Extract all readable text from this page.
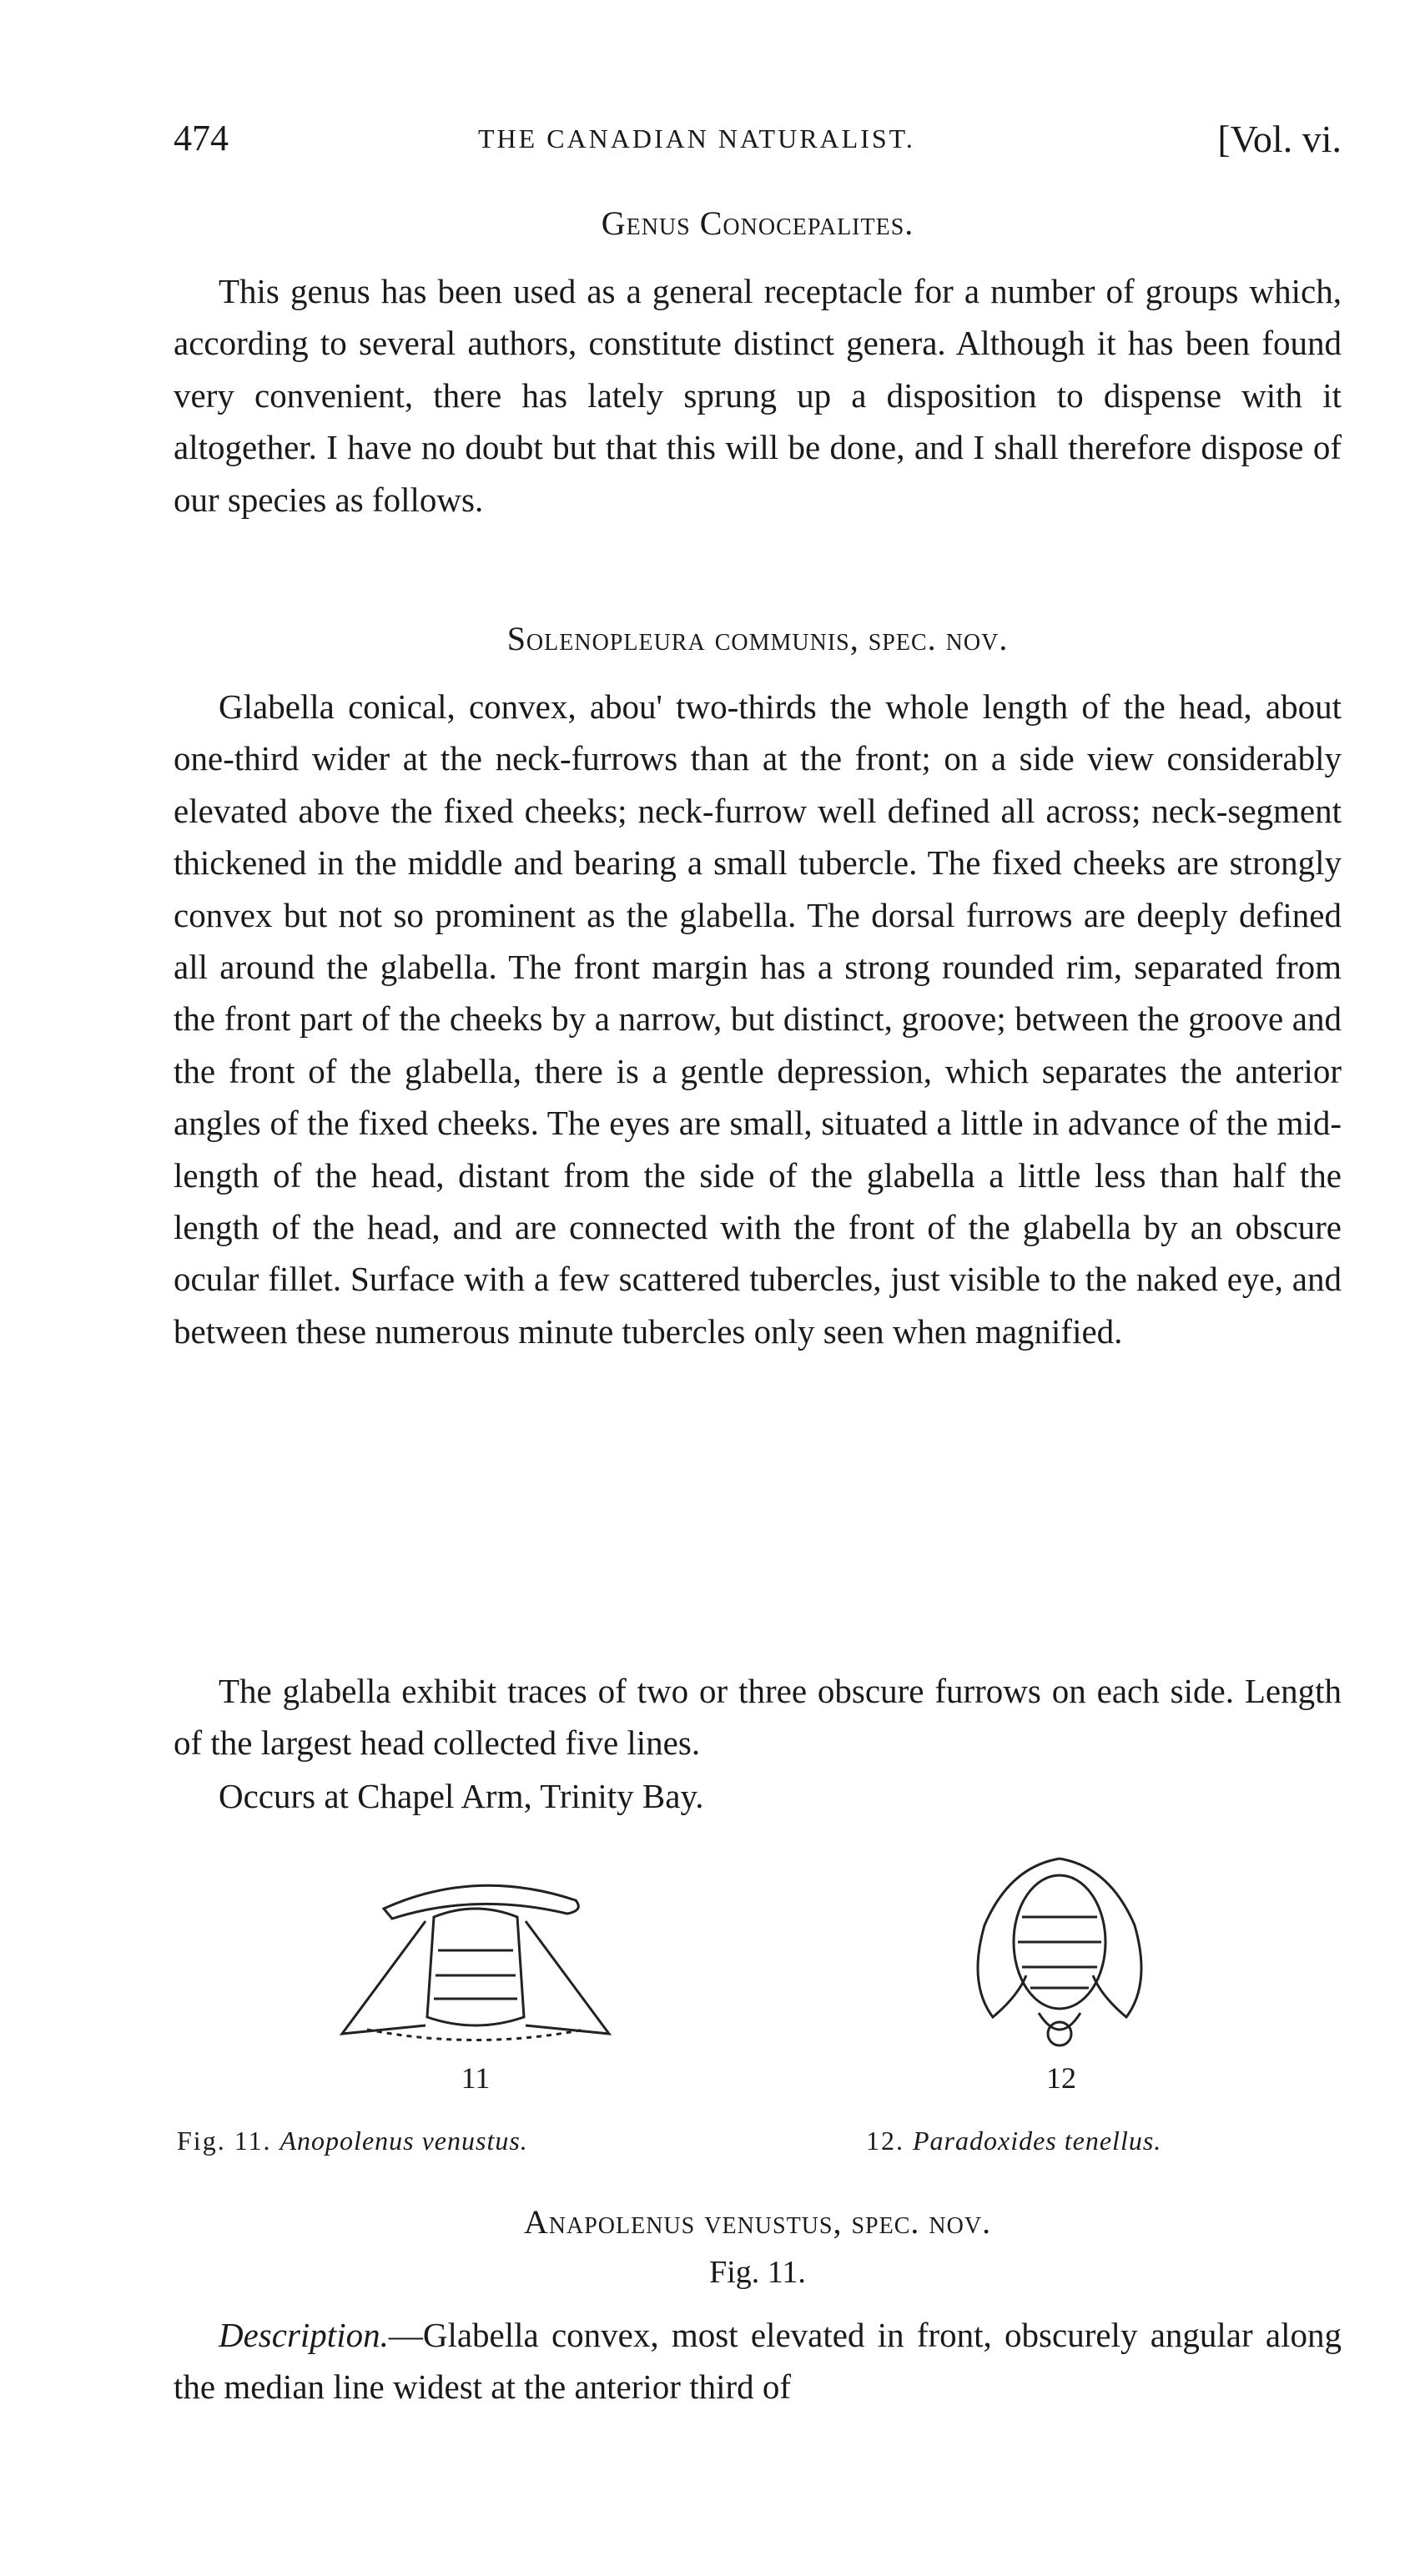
474	THE CANADIAN NATURALIST.	[Vol. vi.
Genus Conocepalites.

This genus has been used as a general receptacle for a number of groups which, according to several authors, constitute distinct genera. Although it has been found very convenient, there has lately sprung up a disposition to dispense with it altogether. I have no doubt but that this will be done, and I shall therefore dispose of our species as follows.

Solenopleura communis, spec. nov.

Glabella conical, convex, abou' two-thirds the whole length of the head, about one-third wider at the neck-furrows than at the front; on a side view considerably elevated above the fixed cheeks; neck-furrow well defined all across; neck-segment thickened in the middle and bearing a small tubercle. The fixed cheeks are strongly convex but not so prominent as the glabella. The dorsal furrows are deeply defined all around the glabella. The front margin has a strong rounded rim, separated from the front part of the cheeks by a narrow, but distinct, groove; between the groove and the front of the glabella, there is a gentle depression, which separates the anterior angles of the fixed cheeks. The eyes are small, situated a little in advance of the mid-length of the head, distant from the side of the glabella a little less than half the length of the head, and are connected with the front of the glabella by an obscure ocular fillet. Surface with a few scattered tubercles, just visible to the naked eye, and between these numerous minute tubercles only seen when magnified.

The glabella exhibit traces of two or three obscure furrows on each side. Length of the largest head collected five lines.

Occurs at Chapel Arm, Trinity Bay.

11	12
Fig. 11. Anopolenus venustus.	12. Paradoxides tenellus.
Anapolenus venustus, spec. nov.
Fig. 11.

Description.—Glabella convex, most elevated in front, obscurely angular along the median line widest at the anterior third of
